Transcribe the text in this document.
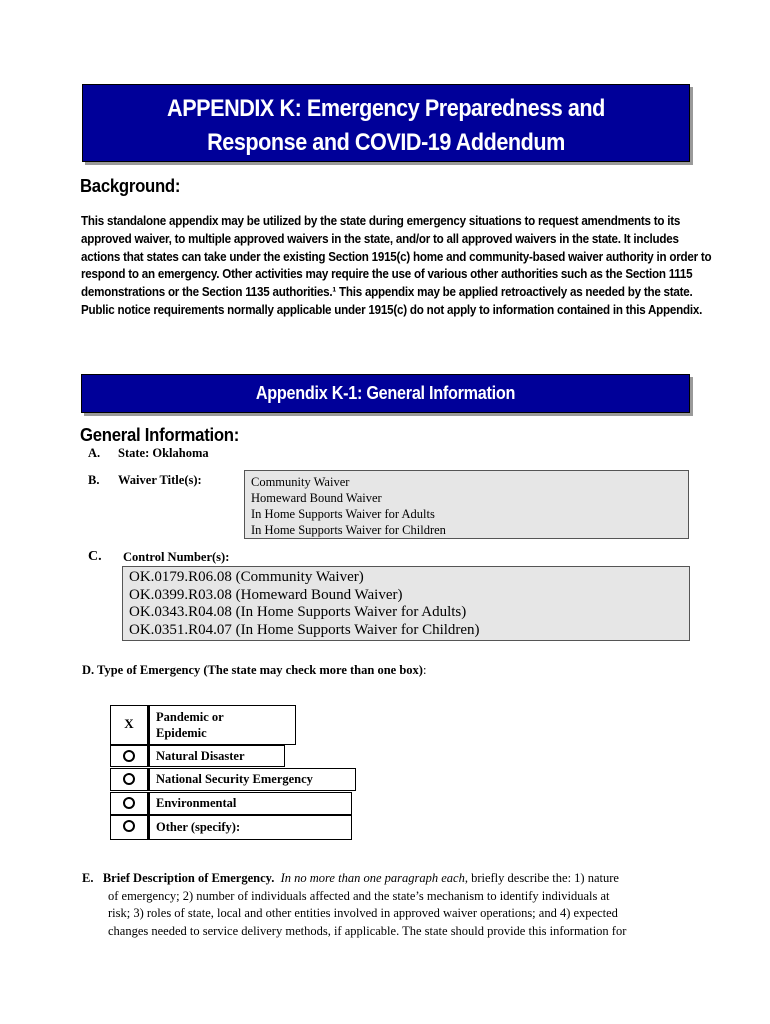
APPENDIX K: Emergency Preparedness and
Response and COVID-19 Addendum
Background:
This standalone appendix may be utilized by the state during emergency situations to request amendments to its approved waiver, to multiple approved waivers in the state, and/or to all approved waivers in the state. It includes actions that states can take under the existing Section 1915(c) home and community-based waiver authority in order to respond to an emergency. Other activities may require the use of various other authorities such as the Section 1115 demonstrations or the Section 1135 authorities.¹ This appendix may be applied retroactively as needed by the state. Public notice requirements normally applicable under 1915(c) do not apply to information contained in this Appendix.
Appendix K-1: General Information
General Information:
A. State: Oklahoma
B. Waiver Title(s):	Community Waiver
Homeward Bound Waiver
In Home Supports Waiver for Adults
In Home Supports Waiver for Children
C. Control Number(s):
OK.0179.R06.08 (Community Waiver)
OK.0399.R03.08 (Homeward Bound Waiver)
OK.0343.R04.08 (In Home Supports Waiver for Adults)
OK.0351.R04.07 (In Home Supports Waiver for Children)
D. Type of Emergency (The state may check more than one box):
X	Pandemic or
Epidemic
Natural Disaster
National Security Emergency
Environmental
Other (specify):
E. Brief Description of Emergency. In no more than one paragraph each, briefly describe the: 1) nature
of emergency; 2) number of individuals affected and the state’s mechanism to identify individuals at
risk; 3) roles of state, local and other entities involved in approved waiver operations; and 4) expected
changes needed to service delivery methods, if applicable. The state should provide this information for
